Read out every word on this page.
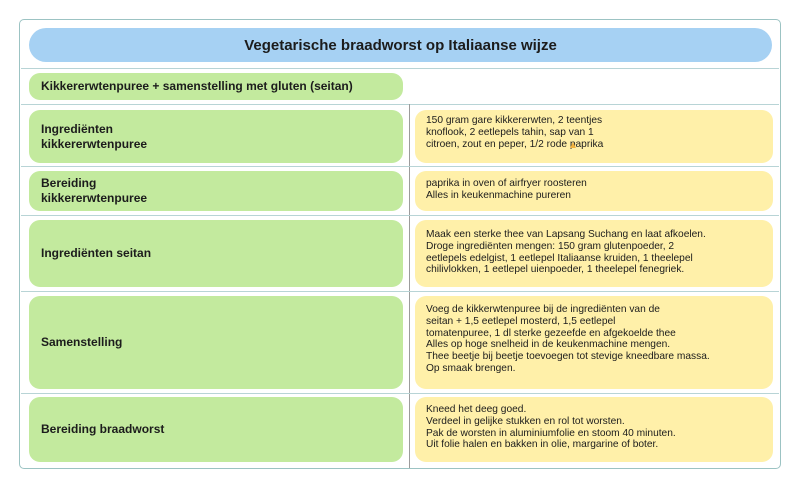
Vegetarische braadworst op Italiaanse wijze
Kikkererwtenpuree + samenstelling met gluten (seitan)
Ingrediënten
kikkererwtenpuree
150 gram gare kikkererwten, 2 teentjes
knoflook, 2 eetlepels tahin, sap van 1
citroen, zout en peper, 1/2 rode paprika
Bereiding
kikkererwtenpuree
paprika in oven of airfryer roosteren
Alles in keukenmachine pureren
Ingrediënten seitan
Maak een sterke thee van Lapsang Suchang en laat afkoelen.
Droge ingrediënten mengen: 150 gram glutenpoeder, 2
eetlepels edelgist, 1 eetlepel Italiaanse kruiden, 1 theelepel
chilivlokken, 1 eetlepel uienpoeder, 1 theelepel fenegriek.
Samenstelling
Voeg de kikkerwtenpuree bij de ingrediënten van de
seitan + 1,5 eetlepel mosterd, 1,5 eetlepel
tomatenpuree, 1 dl sterke gezeefde en afgekoelde thee
Alles op hoge snelheid in de keukenmachine mengen.
Thee beetje bij beetje toevoegen tot stevige kneedbare massa.
Op smaak brengen.
Bereiding braadworst
Kneed het deeg goed.
Verdeel in gelijke stukken en rol tot worsten.
Pak de worsten in aluminiumfolie en stoom 40 minuten.
Uit folie halen en bakken in olie, margarine of boter.
